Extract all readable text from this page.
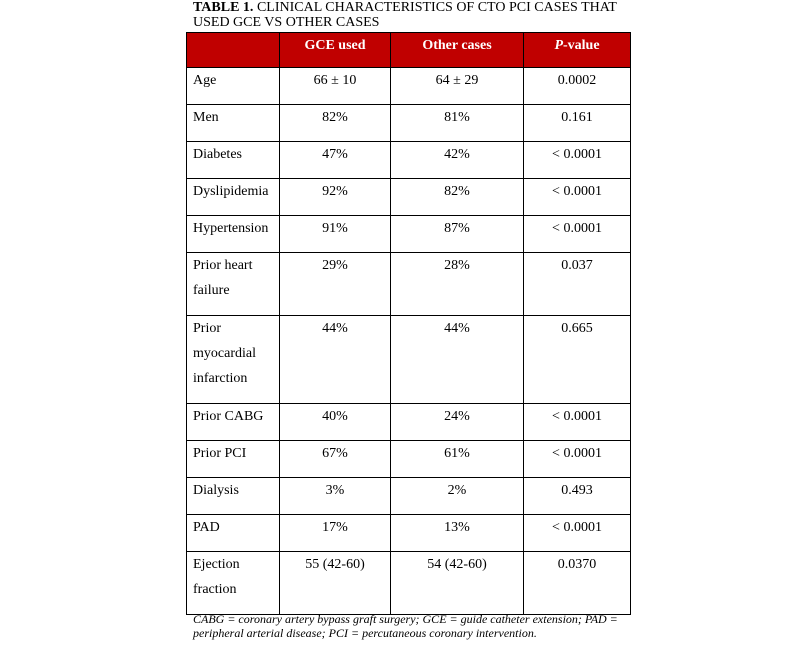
TABLE 1. CLINICAL CHARACTERISTICS OF CTO PCI CASES THAT USED GCE VS OTHER CASES
	GCE used	Other cases	P-value
Age	66 ± 10	64 ± 29	0.0002
Men	82%	81%	0.161
Diabetes	47%	42%	< 0.0001
Dyslipidemia	92%	82%	< 0.0001
Hypertension	91%	87%	< 0.0001
Prior heart failure	29%	28%	0.037
Prior myocardial infarction	44%	44%	0.665
Prior CABG	40%	24%	< 0.0001
Prior PCI	67%	61%	< 0.0001
Dialysis	3%	2%	0.493
PAD	17%	13%	< 0.0001
Ejection fraction	55 (42-60)	54 (42-60)	0.0370
CABG = coronary artery bypass graft surgery; GCE = guide catheter extension; PAD = peripheral arterial disease; PCI = percutaneous coronary intervention.
